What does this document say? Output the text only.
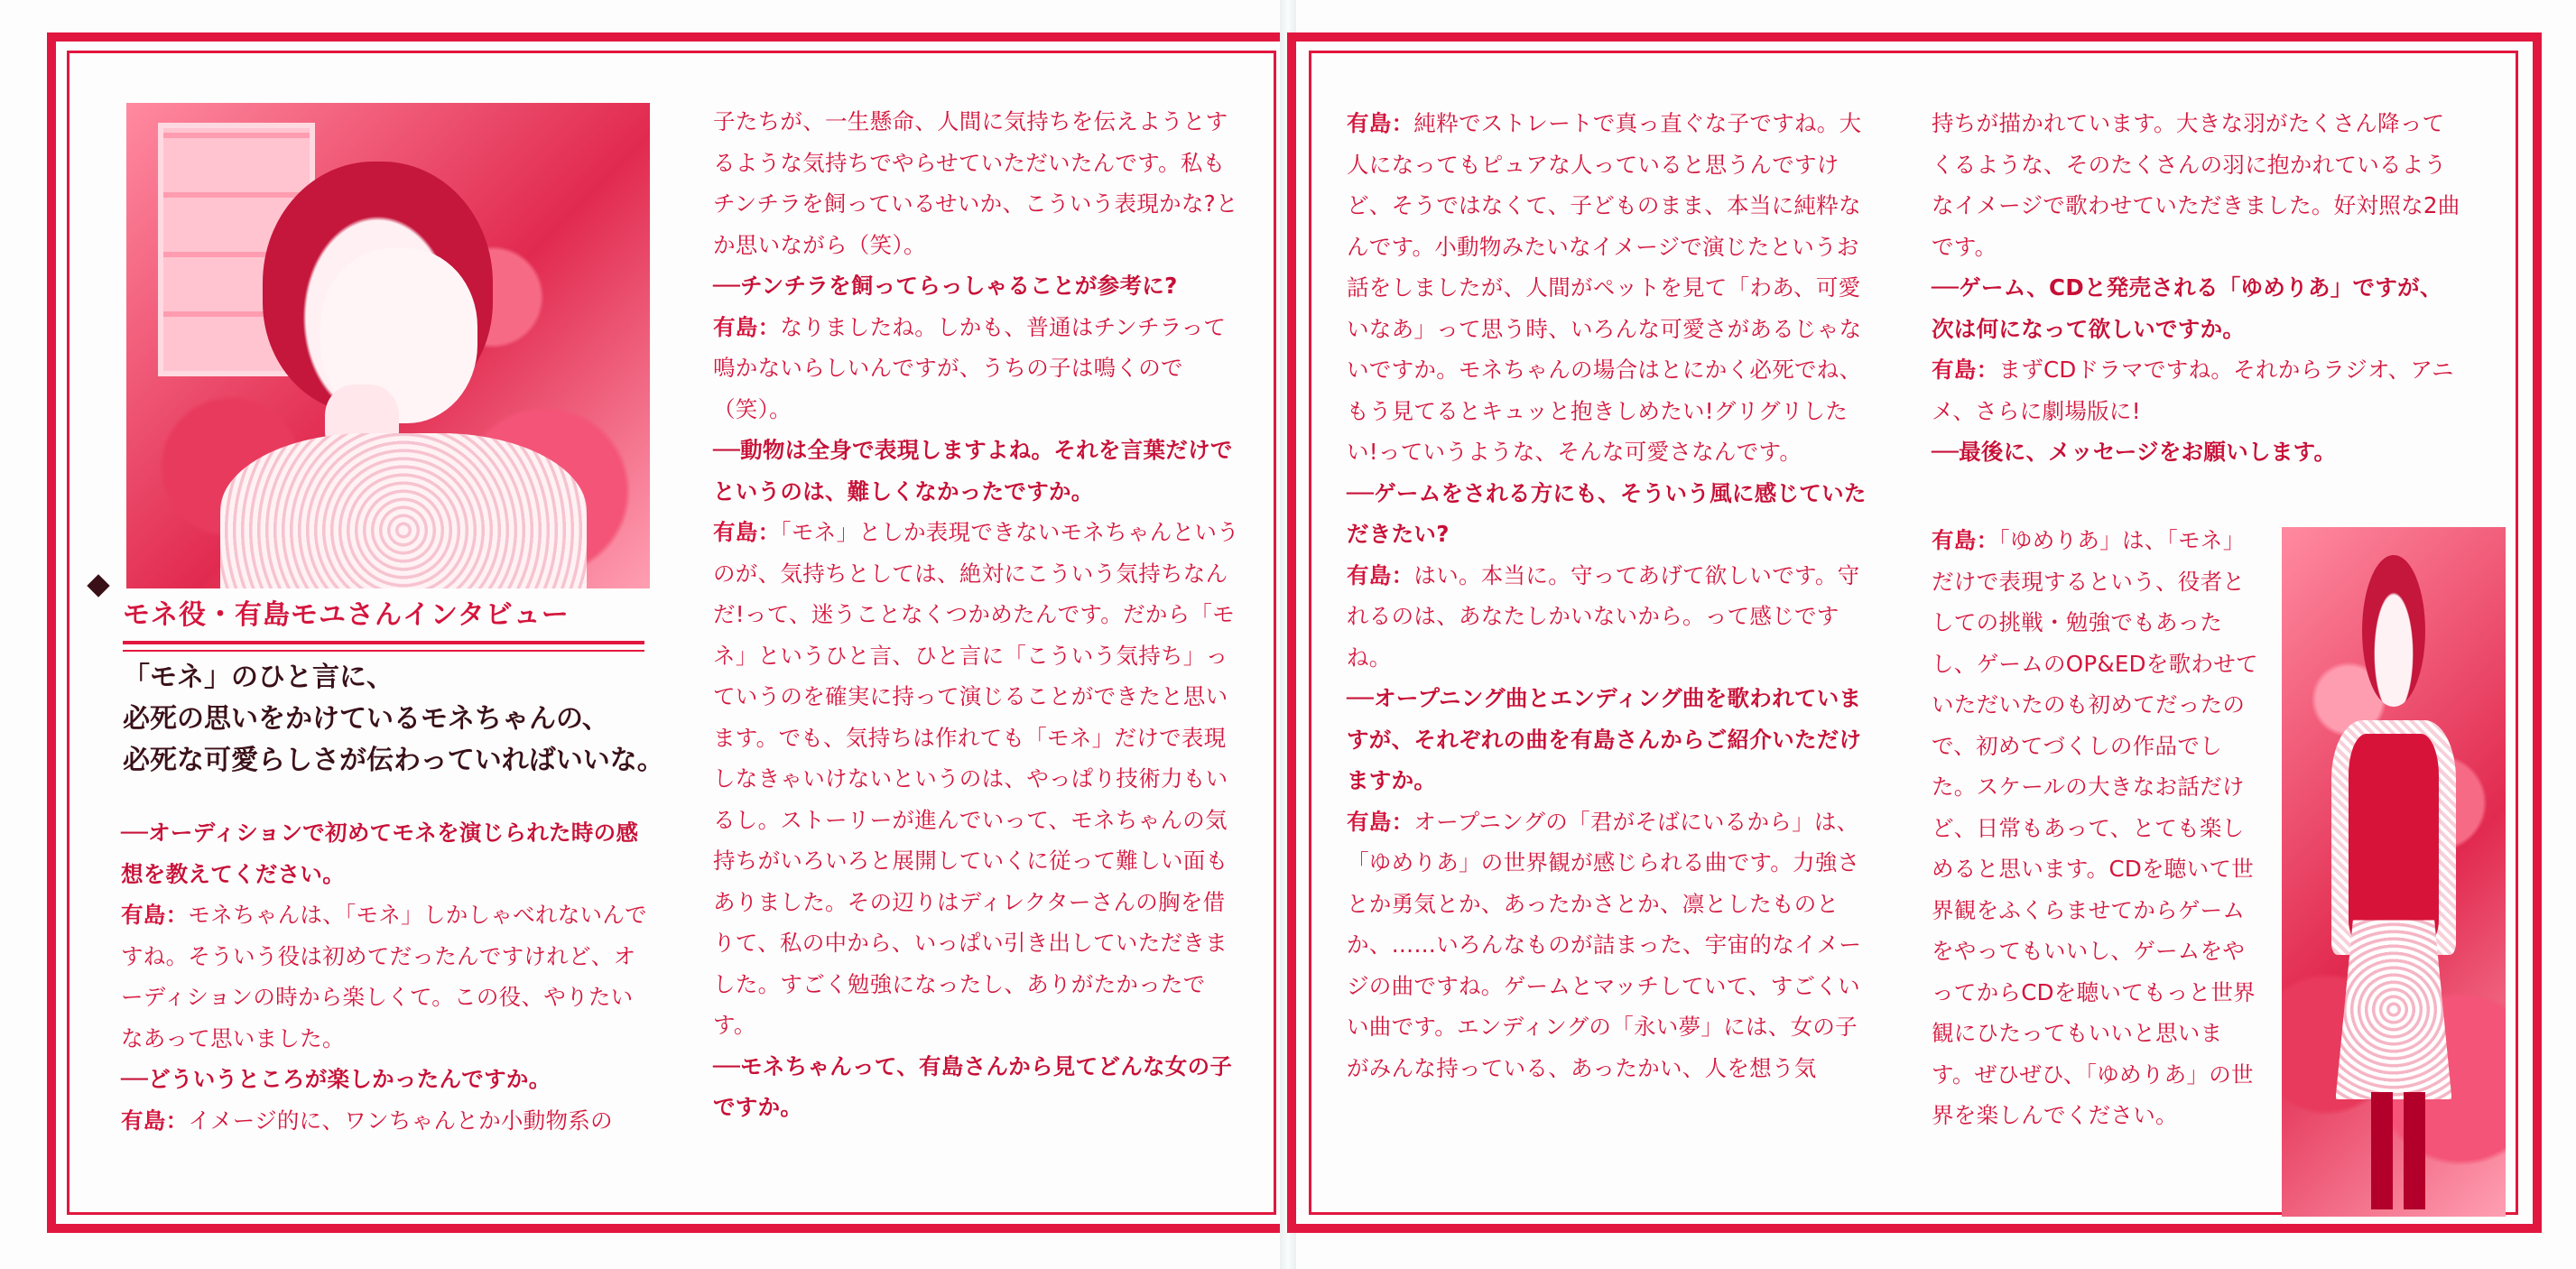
モネ役・有島モユさんインタビュー
「モネ」のひと言に、
必死の思いをかけているモネちゃんの、
必死な可愛らしさが伝わっていればいいな。

──オーディションで初めてモネを演じられた時の感想を教えてください。

有島：モネちゃんは、「モネ」しかしゃべれないんですね。そういう役は初めてだったんですけれど、オーディションの時から楽しくて。この役、やりたいなあって思いました。

──どういうところが楽しかったんですか。

有島：イメージ的に、ワンちゃんとか小動物系の

子たちが、一生懸命、人間に気持ちを伝えようとするような気持ちでやらせていただいたんです。私もチンチラを飼っているせいか、こういう表現かな?とか思いながら（笑）。

──チンチラを飼ってらっしゃることが参考に?

有島：なりましたね。しかも、普通はチンチラって鳴かないらしいんですが、うちの子は鳴くので（笑）。

──動物は全身で表現しますよね。それを言葉だけでというのは、難しくなかったですか。

有島：「モネ」としか表現できないモネちゃんというのが、気持ちとしては、絶対にこういう気持ちなんだ!って、迷うことなくつかめたんです。だから「モネ」というひと言、ひと言に「こういう気持ち」っていうのを確実に持って演じることができたと思います。でも、気持ちは作れても「モネ」だけで表現しなきゃいけないというのは、やっぱり技術力もいるし。ストーリーが進んでいって、モネちゃんの気持ちがいろいろと展開していくに従って難しい面もありました。その辺りはディレクターさんの胸を借りて、私の中から、いっぱい引き出していただきました。すごく勉強になったし、ありがたかったです。

──モネちゃんって、有島さんから見てどんな女の子ですか。

有島：純粋でストレートで真っ直ぐな子ですね。大人になってもピュアな人っていると思うんですけど、そうではなくて、子どものまま、本当に純粋なんです。小動物みたいなイメージで演じたというお話をしましたが、人間がペットを見て「わあ、可愛いなあ」って思う時、いろんな可愛さがあるじゃないですか。モネちゃんの場合はとにかく必死でね、もう見てるとキュッと抱きしめたい!グリグリしたい!っていうような、そんな可愛さなんです。

──ゲームをされる方にも、そういう風に感じていただきたい?

有島：はい。本当に。守ってあげて欲しいです。守れるのは、あなたしかいないから。って感じですね。

──オープニング曲とエンディング曲を歌われていますが、それぞれの曲を有島さんからご紹介いただけますか。

有島：オープニングの「君がそばにいるから」は、「ゆめりあ」の世界観が感じられる曲です。力強さとか勇気とか、あったかさとか、凛としたものとか、……いろんなものが詰まった、宇宙的なイメージの曲ですね。ゲームとマッチしていて、すごくいい曲です。エンディングの「永い夢」には、女の子がみんな持っている、あったかい、人を想う気

持ちが描かれています。大きな羽がたくさん降ってくるような、そのたくさんの羽に抱かれているようなイメージで歌わせていただきました。好対照な2曲です。

──ゲーム、CDと発売される「ゆめりあ」ですが、次は何になって欲しいですか。

有島：まずCDドラマですね。それからラジオ、アニメ、さらに劇場版に!

──最後に、メッセージをお願いします。

有島：「ゆめりあ」は、「モネ」だけで表現するという、役者としての挑戦・勉強でもあったし、ゲームのOP&EDを歌わせていただいたのも初めてだったので、初めてづくしの作品でした。スケールの大きなお話だけど、日常もあって、とても楽しめると思います。CDを聴いて世界観をふくらませてからゲームをやってもいいし、ゲームをやってからCDを聴いてもっと世界観にひたってもいいと思います。ぜひぜひ、「ゆめりあ」の世界を楽しんでください。
